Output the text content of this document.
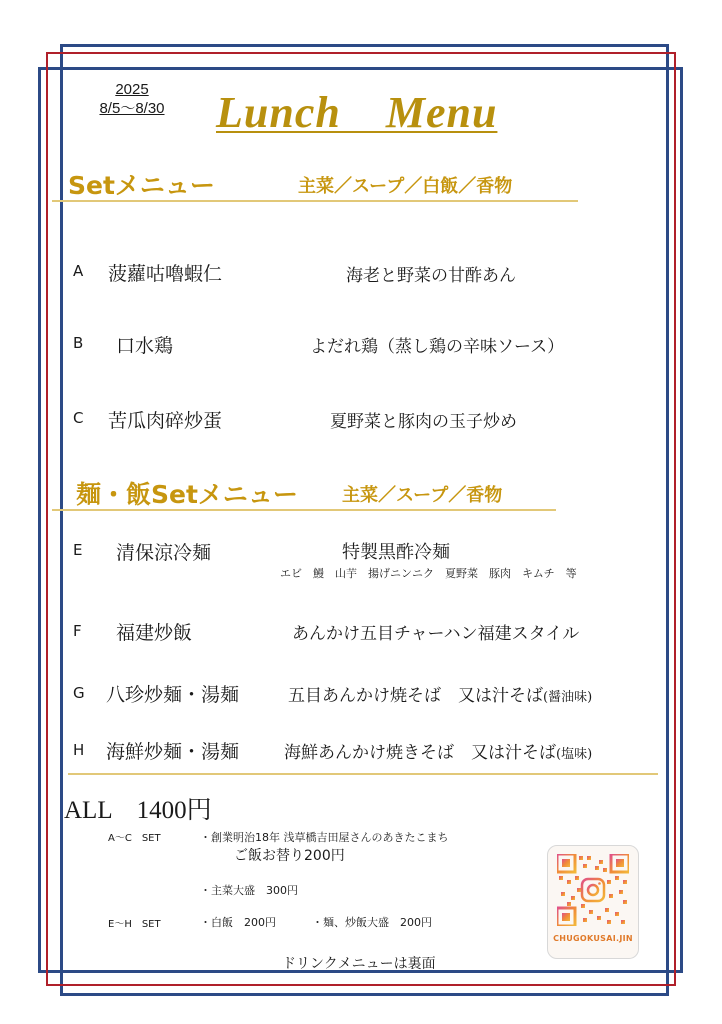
2025
8/5〜8/30	Lunch　Menu
Setメニュー	主菜／スープ／白飯／香物
A 菠蘿咕嚕蝦仁	海老と野菜の甘酢あん
B 口水鶏	よだれ鶏（蒸し鶏の辛味ソース）
C 苦瓜肉碎炒蛋	夏野菜と豚肉の玉子炒め
麺・飯Setメニュー 主菜／スープ／香物
E 清保涼冷麺	特製黒酢冷麺
エビ　鰻　山芋　揚げニンニク　夏野菜　豚肉　キムチ　等
F 福建炒飯	あんかけ五目チャーハン福建スタイル
G 八珍炒麺・湯麺	五目あんかけ焼そば　又は汁そば(醤油味)
H 海鮮炒麺・湯麺	海鮮あんかけ焼きそば　又は汁そば(塩味)
ALL　1400円
A〜C　SET	・創業明治18年 浅草橋吉田屋さんのあきたこまち
ご飯お替り200円
・主菜大盛　300円
E〜H　SET	・白飯　200円	・麺、炒飯大盛　200円
ドリンクメニューは裏面
CHUGOKUSAI.JIN
